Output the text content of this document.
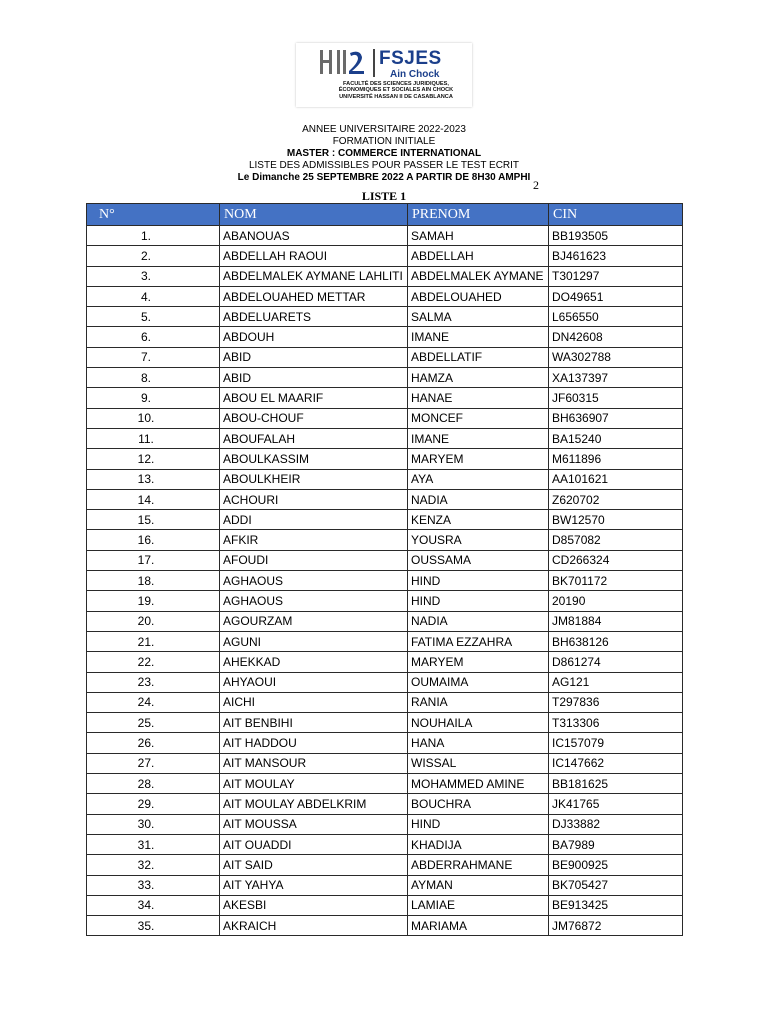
FSJES
Ain Chock
FACULTÉ DES SCIENCES JURIDIQUES,
ÉCONOMIQUES ET SOCIALES AIN CHOCK
UNIVERSITÉ HASSAN II DE CASABLANCA
ANNEE UNIVERSITAIRE 2022-2023
FORMATION INITIALE
MASTER : COMMERCE INTERNATIONAL
LISTE DES ADMISSIBLES POUR PASSER LE TEST ECRIT
Le Dimanche 25 SEPTEMBRE 2022 A PARTIR DE 8H30 AMPHI
2
LISTE 1
N°	NOM	PRENOM	CIN
1.	ABANOUAS	SAMAH	BB193505
2.	ABDELLAH RAOUI	ABDELLAH	BJ461623
3.	ABDELMALEK AYMANE LAHLITI	ABDELMALEK AYMANE	T301297
4.	ABDELOUAHED METTAR	ABDELOUAHED	DO49651
5.	ABDELUARETS	SALMA	L656550
6.	ABDOUH	IMANE	DN42608
7.	ABID	ABDELLATIF	WA302788
8.	ABID	HAMZA	XA137397
9.	ABOU EL MAARIF	HANAE	JF60315
10.	ABOU-CHOUF	MONCEF	BH636907
11.	ABOUFALAH	IMANE	BA15240
12.	ABOULKASSIM	MARYEM	M611896
13.	ABOULKHEIR	AYA	AA101621
14.	ACHOURI	NADIA	Z620702
15.	ADDI	KENZA	BW12570
16.	AFKIR	YOUSRA	D857082
17.	AFOUDI	OUSSAMA	CD266324
18.	AGHAOUS	HIND	BK701172
19.	AGHAOUS	HIND	20190
20.	AGOURZAM	NADIA	JM81884
21.	AGUNI	FATIMA EZZAHRA	BH638126
22.	AHEKKAD	MARYEM	D861274
23.	AHYAOUI	OUMAIMA	AG121
24.	AICHI	RANIA	T297836
25.	AIT BENBIHI	NOUHAILA	T313306
26.	AIT HADDOU	HANA	IC157079
27.	AIT MANSOUR	WISSAL	IC147662
28.	AIT MOULAY	MOHAMMED AMINE	BB181625
29.	AIT MOULAY ABDELKRIM	BOUCHRA	JK41765
30.	AIT MOUSSA	HIND	DJ33882
31.	AIT OUADDI	KHADIJA	BA7989
32.	AIT SAID	ABDERRAHMANE	BE900925
33.	AIT YAHYA	AYMAN	BK705427
34.	AKESBI	LAMIAE	BE913425
35.	AKRAICH	MARIAMA	JM76872
